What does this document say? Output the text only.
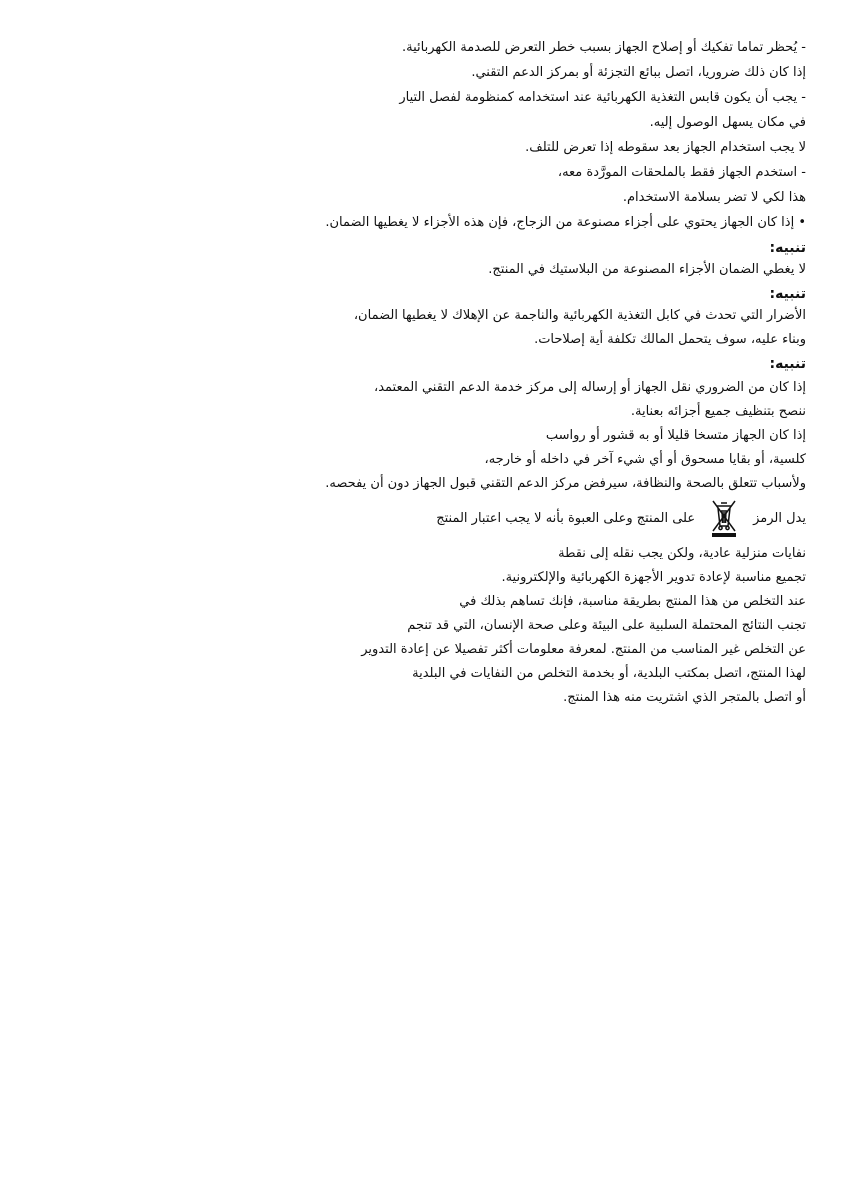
- يُحظر تماما تفكيك أو إصلاح الجهاز بسبب خطر التعرض للصدمة الكهربائية.
إذا كان ذلك ضروريا، اتصل ببائع التجزئة أو بمركز الدعم التقني.
- يجب أن يكون قابس التغذية الكهربائية عند استخدامه كمنظومة لفصل التيار
في مكان يسهل الوصول إليه.
لا يجب استخدام الجهاز بعد سقوطه إذا تعرض للتلف.
- استخدم الجهاز فقط بالملحقات المورَّدة معه،
هذا لكي لا تضر بسلامة الاستخدام.
• إذا كان الجهاز يحتوي على أجزاء مصنوعة من الزجاج، فإن هذه الأجزاء لا يغطيها الضمان.
تنبيه:
لا يغطي الضمان الأجزاء المصنوعة من البلاستيك في المنتج.
تنبيه:
الأضرار التي تحدث في كابل التغذية الكهربائية والناجمة عن الإهلاك لا يغطيها الضمان،
وبناء عليه، سوف يتحمل المالك تكلفة أية إصلاحات.
تنبيه:
إذا كان من الضروري نقل الجهاز أو إرساله إلى مركز خدمة الدعم التقني المعتمد،
ننصح بتنظيف جميع أجزائه بعناية.
إذا كان الجهاز متسخا قليلا أو به قشور أو رواسب
كلسية، أو بقايا مسحوق أو أي شيء آخر في داخله أو خارجه،
ولأسباب تتعلق بالصحة والنظافة، سيرفض مركز الدعم التقني قبول الجهاز دون أن يفحصه.
يدل الرمز
على المنتج وعلى العبوة بأنه لا يجب اعتبار المنتج
نفايات منزلية عادية، ولكن يجب نقله إلى نقطة
تجميع مناسبة لإعادة تدوير الأجهزة الكهربائية والإلكترونية.
عند التخلص من هذا المنتج بطريقة مناسبة، فإنك تساهم بذلك في
تجنب النتائج المحتملة السلبية على البيئة وعلى صحة الإنسان، التي قد تنجم
عن التخلص غير المناسب من المنتج. لمعرفة معلومات أكثر تفصيلا عن إعادة التدوير
لهذا المنتج، اتصل بمكتب البلدية، أو بخدمة التخلص من النفايات في البلدية
أو اتصل بالمتجر الذي اشتريت منه هذا المنتج.
